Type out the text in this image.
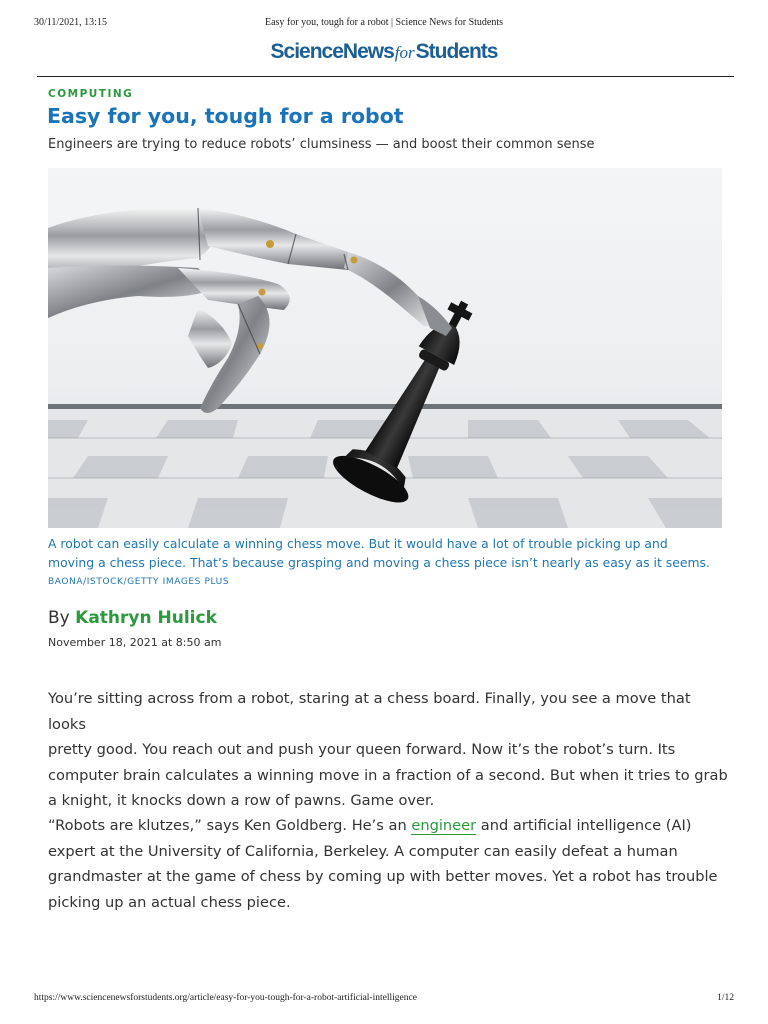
30/11/2021, 13:15	Easy for you, tough for a robot | Science News for Students
ScienceNewsforStudents
COMPUTING
Easy for you, tough for a robot
Engineers are trying to reduce robots’ clumsiness — and boost their common sense
A robot can easily calculate a winning chess move. But it would have a lot of trouble picking up and
moving a chess piece. That’s because grasping and moving a chess piece isn’t nearly as easy as it seems.
BAONA/ISTOCK/GETTY IMAGES PLUS
By Kathryn Hulick
November 18, 2021 at 8:50 am
You’re sitting across from a robot, staring at a chess board. Finally, you see a move that looks
pretty good. You reach out and push your queen forward. Now it’s the robot’s turn. Its
computer brain calculates a winning move in a fraction of a second. But when it tries to grab
a knight, it knocks down a row of pawns. Game over.
“Robots are klutzes,” says Ken Goldberg. He’s an engineer and artificial intelligence (AI)
expert at the University of California, Berkeley. A computer can easily defeat a human
grandmaster at the game of chess by coming up with better moves. Yet a robot has trouble
picking up an actual chess piece.
https://www.sciencenewsforstudents.org/article/easy-for-you-tough-for-a-robot-artificial-intelligence	1/12
